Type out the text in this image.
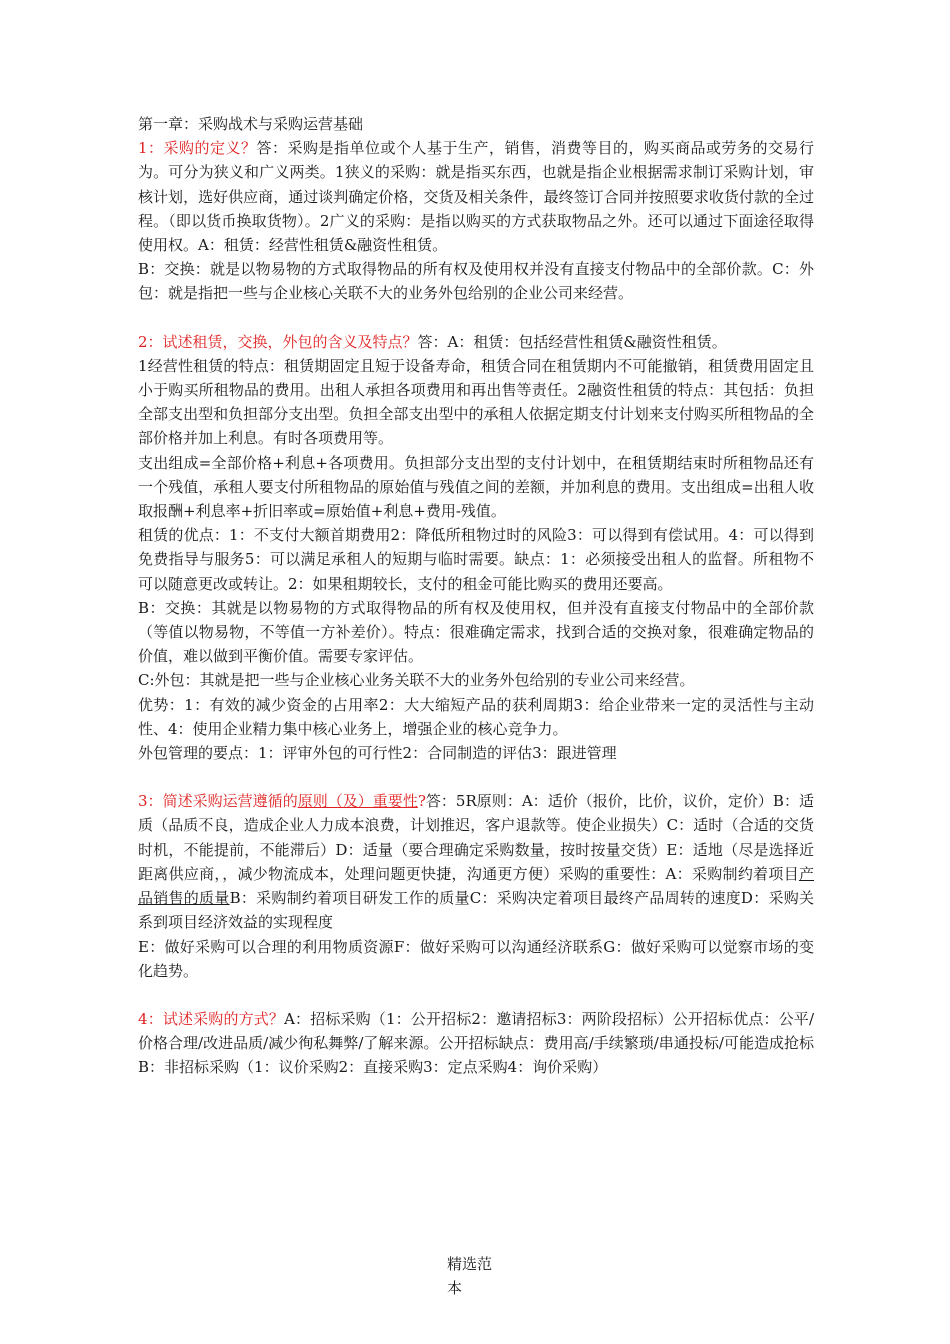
第一章：采购战术与采购运营基础

1：采购的定义？答：采购是指单位或个人基于生产，销售，消费等目的，购买商品或劳务的交易行为。可分为狭义和广义两类。1狭义的采购：就是指买东西，也就是指企业根据需求制订采购计划，审核计划，选好供应商，通过谈判确定价格，交货及相关条件，最终签订合同并按照要求收货付款的全过程。（即以货币换取货物）。2广义的采购：是指以购买的方式获取物品之外。还可以通过下面途径取得使用权。A：租赁：经营性租赁&融资性租赁。

B：交换：就是以物易物的方式取得物品的所有权及使用权并没有直接支付物品中的全部价款。C：外包：就是指把一些与企业核心关联不大的业务外包给别的企业公司来经营。

2：试述租赁，交换，外包的含义及特点？答：A：租赁：包括经营性租赁&融资性租赁。

1经营性租赁的特点：租赁期固定且短于设备寿命，租赁合同在租赁期内不可能撤销，租赁费用固定且小于购买所租物品的费用。出租人承担各项费用和再出售等责任。2融资性租赁的特点：其包括：负担全部支出型和负担部分支出型。负担全部支出型中的承租人依据定期支付计划来支付购买所租物品的全部价格并加上利息。有时各项费用等。

支出组成=全部价格+利息+各项费用。负担部分支出型的支付计划中，在租赁期结束时所租物品还有一个残值，承租人要支付所租物品的原始值与残值之间的差额，并加利息的费用。支出组成=出租人收取报酬+利息率+折旧率或=原始值+利息+费用-残值。

租赁的优点：1：不支付大额首期费用2：降低所租物过时的风险3：可以得到有偿试用。4：可以得到免费指导与服务5：可以满足承租人的短期与临时需要。缺点：1：必须接受出租人的监督。所租物不可以随意更改或转让。2：如果租期较长，支付的租金可能比购买的费用还要高。

B：交换：其就是以物易物的方式取得物品的所有权及使用权，但并没有直接支付物品中的全部价款（等值以物易物，不等值一方补差价）。特点：很难确定需求，找到合适的交换对象，很难确定物品的价值，难以做到平衡价值。需要专家评估。

C:外包：其就是把一些与企业核心业务关联不大的业务外包给别的专业公司来经营。

优势：1：有效的减少资金的占用率2：大大缩短产品的获利周期3：给企业带来一定的灵活性与主动性、4：使用企业精力集中核心业务上，增强企业的核心竞争力。

外包管理的要点：1：评审外包的可行性2：合同制造的评估3：跟进管理

3：简述采购运营遵循的原则（及）重要性?答：5R原则：A：适价（报价，比价，议价，定价）B：适质（品质不良，造成企业人力成本浪费，计划推迟，客户退款等。使企业损失）C：适时（合适的交货时机，不能提前，不能滞后）D：适量（要合理确定采购数量，按时按量交货）E：适地（尽是选择近距离供应商，，减少物流成本，处理问题更快捷，沟通更方便）采购的重要性：A：采购制约着项目产品销售的质量B：采购制约着项目研发工作的质量C：采购决定着项目最终产品周转的速度D：采购关系到项目经济效益的实现程度

E：做好采购可以合理的利用物质资源F：做好采购可以沟通经济联系G：做好采购可以觉察市场的变化趋势。

4：试述采购的方式？A：招标采购（1：公开招标2：邀请招标3：两阶段招标）公开招标优点：公平/价格合理/改进品质/减少徇私舞弊/了解来源。公开招标缺点：费用高/手续繁琐/串通投标/可能造成抢标B：非招标采购（1：议价采购2：直接采购3：定点采购4：询价采购）

精选范
本
